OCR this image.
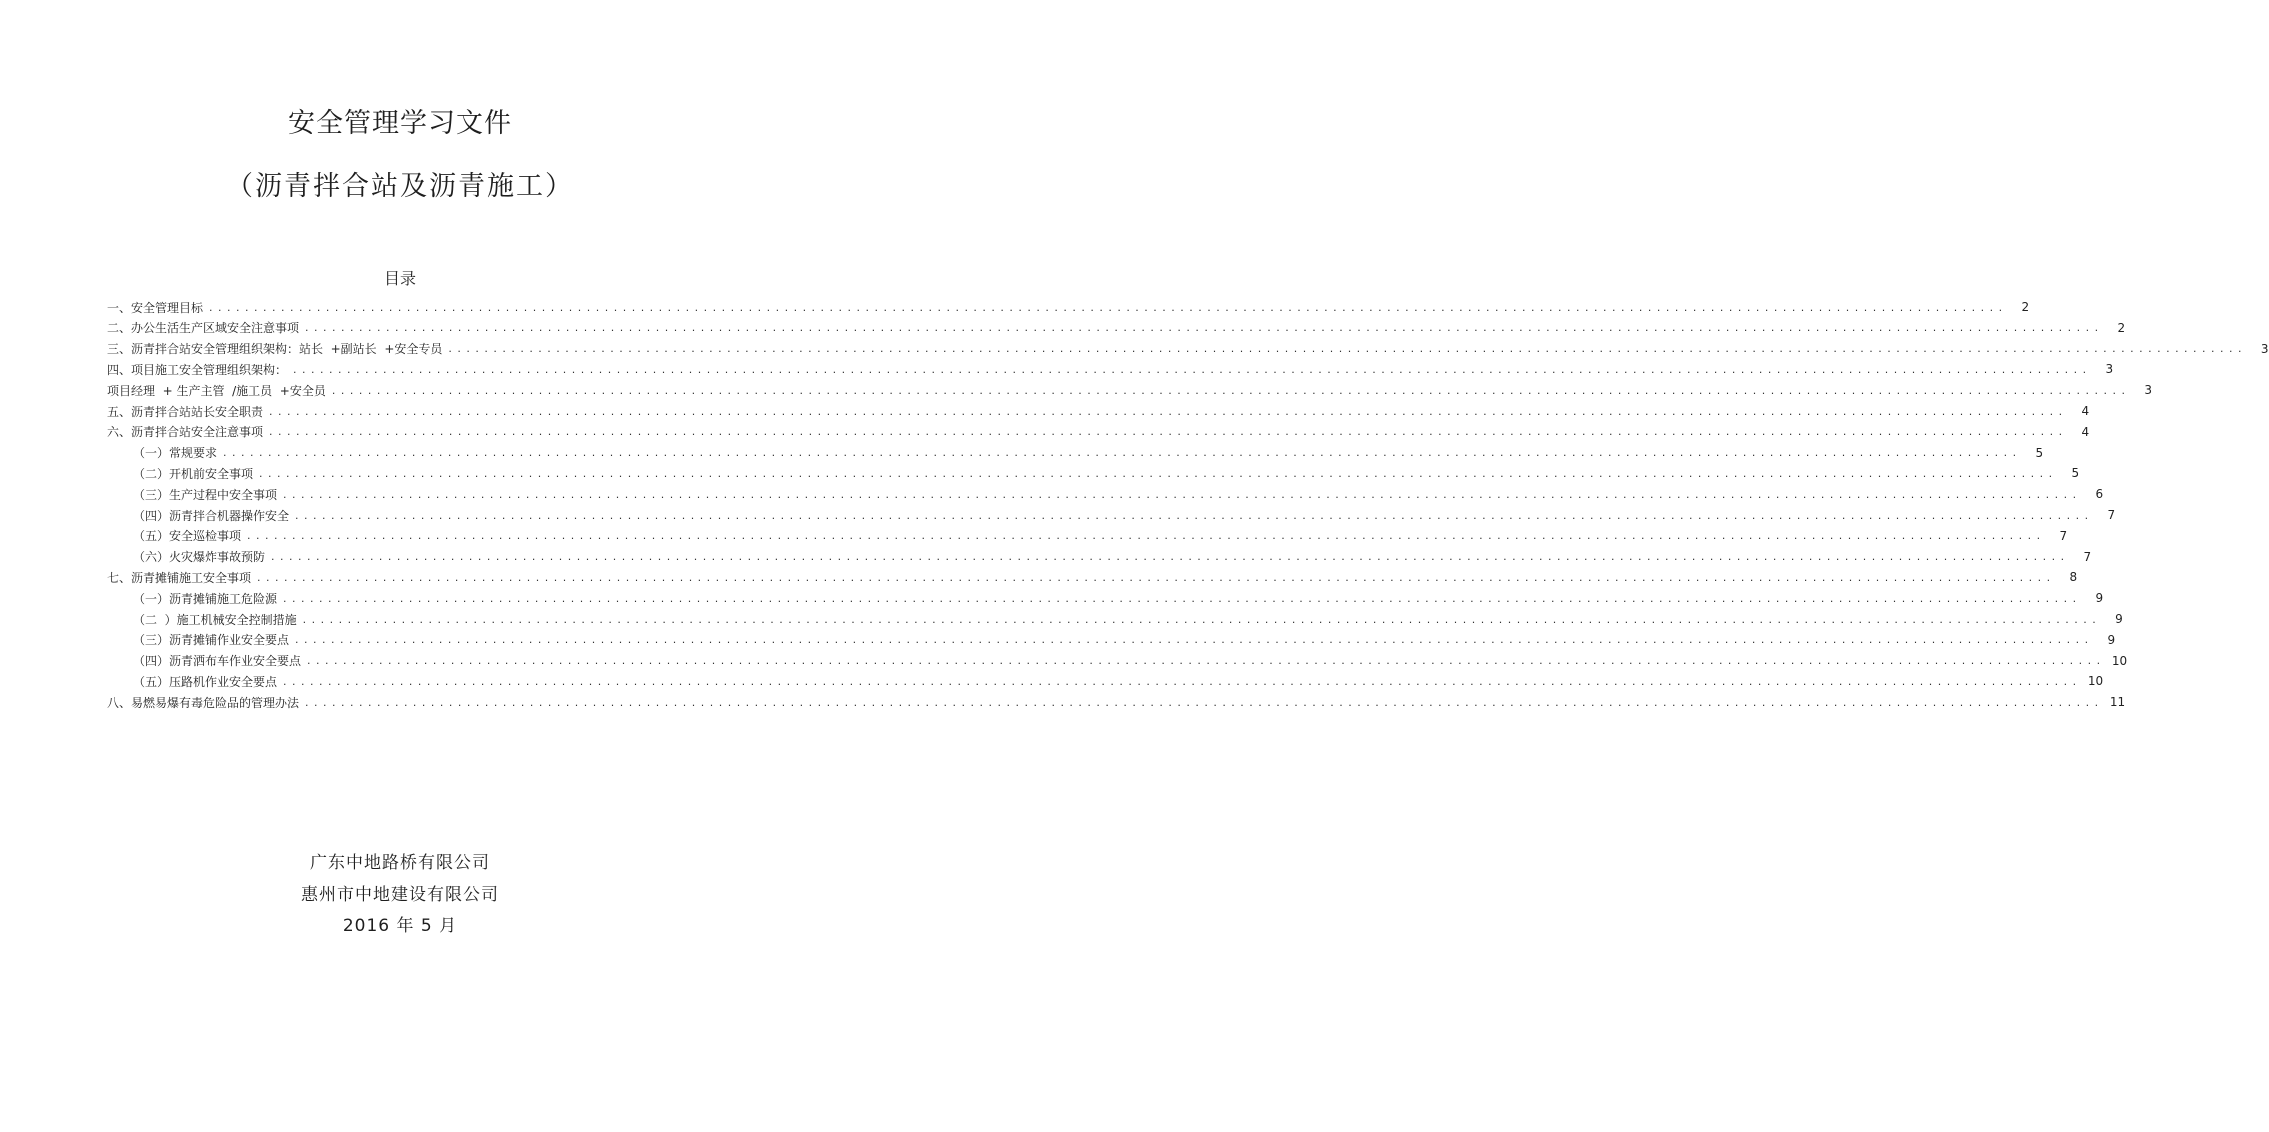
安全管理学习文件
（沥青拌合站及沥青施工）
目录
一、安全管理目标 . . . . . . . . . . . . . . . . . . . . . . . . . . . . . . . . . . . . . . . . . . . . . . . . . . . . . . . . . . . . . . . . . . . . . . . . . . . . . . . . . . . . . . . . . . . . . . . . . . . . . . . . . . . . . . . . . . . . . . . . . . . . . . . . . . . . . . . . . . . . . . . . . . . . . . . . . . . . . . . . . . . . . . . . . . . . . . . . . . . . . . . . . . . . . . . . . . . . . . . .	2
二、办公生活生产区域安全注意事项 . . . . . . . . . . . . . . . . . . . . . . . . . . . . . . . . . . . . . . . . . . . . . . . . . . . . . . . . . . . . . . . . . . . . . . . . . . . . . . . . . . . . . . . . . . . . . . . . . . . . . . . . . . . . . . . . . . . . . . . . . . . . . . . . . . . . . . . . . . . . . . . . . . . . . . . . . . . . . . . . . . . . . . . . . . . . . . . . . . . . . . . . . . . . . . . . . . . . . . . .	2
三、沥青拌合站安全管理组织架构：站长  +副站长  +安全专员 . . . . . . . . . . . . . . . . . . . . . . . . . . . . . . . . . . . . . . . . . . . . . . . . . . . . . . . . . . . . . . . . . . . . . . . . . . . . . . . . . . . . . . . . . . . . . . . . . . . . . . . . . . . . . . . . . . . . . . . . . . . . . . . . . . . . . . . . . . . . . . . . . . . . . . . . . . . . . . . . . . . . . . . . . . . . . . . . . . . . . . . . . . . . . . . . . . . . . . . .	3
四、项目施工安全管理组织架构： . . . . . . . . . . . . . . . . . . . . . . . . . . . . . . . . . . . . . . . . . . . . . . . . . . . . . . . . . . . . . . . . . . . . . . . . . . . . . . . . . . . . . . . . . . . . . . . . . . . . . . . . . . . . . . . . . . . . . . . . . . . . . . . . . . . . . . . . . . . . . . . . . . . . . . . . . . . . . . . . . . . . . . . . . . . . . . . . . . . . . . . . . . . . . . . . . . . . . . . .	3
项目经理  + 生产主管  /施工员  +安全员 . . . . . . . . . . . . . . . . . . . . . . . . . . . . . . . . . . . . . . . . . . . . . . . . . . . . . . . . . . . . . . . . . . . . . . . . . . . . . . . . . . . . . . . . . . . . . . . . . . . . . . . . . . . . . . . . . . . . . . . . . . . . . . . . . . . . . . . . . . . . . . . . . . . . . . . . . . . . . . . . . . . . . . . . . . . . . . . . . . . . . . . . . . . . . . . . . . . . . . . .	3
五、沥青拌合站站长安全职责 . . . . . . . . . . . . . . . . . . . . . . . . . . . . . . . . . . . . . . . . . . . . . . . . . . . . . . . . . . . . . . . . . . . . . . . . . . . . . . . . . . . . . . . . . . . . . . . . . . . . . . . . . . . . . . . . . . . . . . . . . . . . . . . . . . . . . . . . . . . . . . . . . . . . . . . . . . . . . . . . . . . . . . . . . . . . . . . . . . . . . . . . . . . . . . . . . . . . . . . .	4
六、沥青拌合站安全注意事项 . . . . . . . . . . . . . . . . . . . . . . . . . . . . . . . . . . . . . . . . . . . . . . . . . . . . . . . . . . . . . . . . . . . . . . . . . . . . . . . . . . . . . . . . . . . . . . . . . . . . . . . . . . . . . . . . . . . . . . . . . . . . . . . . . . . . . . . . . . . . . . . . . . . . . . . . . . . . . . . . . . . . . . . . . . . . . . . . . . . . . . . . . . . . . . . . . . . . . . . .	4
（一）常规要求 . . . . . . . . . . . . . . . . . . . . . . . . . . . . . . . . . . . . . . . . . . . . . . . . . . . . . . . . . . . . . . . . . . . . . . . . . . . . . . . . . . . . . . . . . . . . . . . . . . . . . . . . . . . . . . . . . . . . . . . . . . . . . . . . . . . . . . . . . . . . . . . . . . . . . . . . . . . . . . . . . . . . . . . . . . . . . . . . . . . . . . . . . . . . . . . . . . . . . . . .	5
（二）开机前安全事项 . . . . . . . . . . . . . . . . . . . . . . . . . . . . . . . . . . . . . . . . . . . . . . . . . . . . . . . . . . . . . . . . . . . . . . . . . . . . . . . . . . . . . . . . . . . . . . . . . . . . . . . . . . . . . . . . . . . . . . . . . . . . . . . . . . . . . . . . . . . . . . . . . . . . . . . . . . . . . . . . . . . . . . . . . . . . . . . . . . . . . . . . . . . . . . . . . . . . . . . .	5
（三）生产过程中安全事项 . . . . . . . . . . . . . . . . . . . . . . . . . . . . . . . . . . . . . . . . . . . . . . . . . . . . . . . . . . . . . . . . . . . . . . . . . . . . . . . . . . . . . . . . . . . . . . . . . . . . . . . . . . . . . . . . . . . . . . . . . . . . . . . . . . . . . . . . . . . . . . . . . . . . . . . . . . . . . . . . . . . . . . . . . . . . . . . . . . . . . . . . . . . . . . . . . . . . . . . .	6
（四）沥青拌合机器操作安全 . . . . . . . . . . . . . . . . . . . . . . . . . . . . . . . . . . . . . . . . . . . . . . . . . . . . . . . . . . . . . . . . . . . . . . . . . . . . . . . . . . . . . . . . . . . . . . . . . . . . . . . . . . . . . . . . . . . . . . . . . . . . . . . . . . . . . . . . . . . . . . . . . . . . . . . . . . . . . . . . . . . . . . . . . . . . . . . . . . . . . . . . . . . . . . . . . . . . . . . .	7
（五）安全巡检事项 . . . . . . . . . . . . . . . . . . . . . . . . . . . . . . . . . . . . . . . . . . . . . . . . . . . . . . . . . . . . . . . . . . . . . . . . . . . . . . . . . . . . . . . . . . . . . . . . . . . . . . . . . . . . . . . . . . . . . . . . . . . . . . . . . . . . . . . . . . . . . . . . . . . . . . . . . . . . . . . . . . . . . . . . . . . . . . . . . . . . . . . . . . . . . . . . . . . . . . . .	7
（六）火灾爆炸事故预防 . . . . . . . . . . . . . . . . . . . . . . . . . . . . . . . . . . . . . . . . . . . . . . . . . . . . . . . . . . . . . . . . . . . . . . . . . . . . . . . . . . . . . . . . . . . . . . . . . . . . . . . . . . . . . . . . . . . . . . . . . . . . . . . . . . . . . . . . . . . . . . . . . . . . . . . . . . . . . . . . . . . . . . . . . . . . . . . . . . . . . . . . . . . . . . . . . . . . . . . .	7
七、沥青摊铺施工安全事项 . . . . . . . . . . . . . . . . . . . . . . . . . . . . . . . . . . . . . . . . . . . . . . . . . . . . . . . . . . . . . . . . . . . . . . . . . . . . . . . . . . . . . . . . . . . . . . . . . . . . . . . . . . . . . . . . . . . . . . . . . . . . . . . . . . . . . . . . . . . . . . . . . . . . . . . . . . . . . . . . . . . . . . . . . . . . . . . . . . . . . . . . . . . . . . . . . . . . . . . .	8
（一）沥青摊铺施工危险源 . . . . . . . . . . . . . . . . . . . . . . . . . . . . . . . . . . . . . . . . . . . . . . . . . . . . . . . . . . . . . . . . . . . . . . . . . . . . . . . . . . . . . . . . . . . . . . . . . . . . . . . . . . . . . . . . . . . . . . . . . . . . . . . . . . . . . . . . . . . . . . . . . . . . . . . . . . . . . . . . . . . . . . . . . . . . . . . . . . . . . . . . . . . . . . . . . . . . . . . .	9
（二  ）施工机械安全控制措施 . . . . . . . . . . . . . . . . . . . . . . . . . . . . . . . . . . . . . . . . . . . . . . . . . . . . . . . . . . . . . . . . . . . . . . . . . . . . . . . . . . . . . . . . . . . . . . . . . . . . . . . . . . . . . . . . . . . . . . . . . . . . . . . . . . . . . . . . . . . . . . . . . . . . . . . . . . . . . . . . . . . . . . . . . . . . . . . . . . . . . . . . . . . . . . . . . . . . . . . .	9
（三）沥青摊铺作业安全要点 . . . . . . . . . . . . . . . . . . . . . . . . . . . . . . . . . . . . . . . . . . . . . . . . . . . . . . . . . . . . . . . . . . . . . . . . . . . . . . . . . . . . . . . . . . . . . . . . . . . . . . . . . . . . . . . . . . . . . . . . . . . . . . . . . . . . . . . . . . . . . . . . . . . . . . . . . . . . . . . . . . . . . . . . . . . . . . . . . . . . . . . . . . . . . . . . . . . . . . . .	9
（四）沥青洒布车作业安全要点 . . . . . . . . . . . . . . . . . . . . . . . . . . . . . . . . . . . . . . . . . . . . . . . . . . . . . . . . . . . . . . . . . . . . . . . . . . . . . . . . . . . . . . . . . . . . . . . . . . . . . . . . . . . . . . . . . . . . . . . . . . . . . . . . . . . . . . . . . . . . . . . . . . . . . . . . . . . . . . . . . . . . . . . . . . . . . . . . . . . . . . . . . . . . . . . . . . . . . . . . 10
（五）压路机作业安全要点 . . . . . . . . . . . . . . . . . . . . . . . . . . . . . . . . . . . . . . . . . . . . . . . . . . . . . . . . . . . . . . . . . . . . . . . . . . . . . . . . . . . . . . . . . . . . . . . . . . . . . . . . . . . . . . . . . . . . . . . . . . . . . . . . . . . . . . . . . . . . . . . . . . . . . . . . . . . . . . . . . . . . . . . . . . . . . . . . . . . . . . . . . . . . . . . . . . . . . . . . 10
八、易燃易爆有毒危险品的管理办法 . . . . . . . . . . . . . . . . . . . . . . . . . . . . . . . . . . . . . . . . . . . . . . . . . . . . . . . . . . . . . . . . . . . . . . . . . . . . . . . . . . . . . . . . . . . . . . . . . . . . . . . . . . . . . . . . . . . . . . . . . . . . . . . . . . . . . . . . . . . . . . . . . . . . . . . . . . . . . . . . . . . . . . . . . . . . . . . . . . . . . . . . . . . . . . . . . . . . . . . . 11
广东中地路桥有限公司
惠州市中地建设有限公司
2016 年 5 月
